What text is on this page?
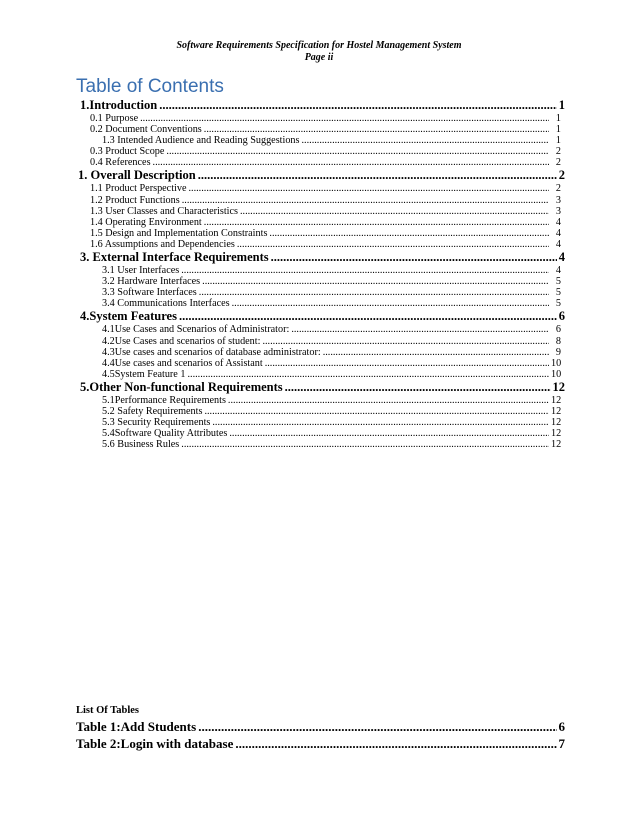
Software Requirements Specification for Hostel Management System
Page ii
Table of Contents
1.Introduction .....	1
0.1 Purpose .....	1
0.2 Document Conventions .....	1
1.3 Intended Audience and Reading Suggestions .....	1
0.3 Product Scope .....	2
0.4 References .....	2
1. Overall Description .....	2
1.1 Product Perspective .....	2
1.2 Product Functions .....	3
1.3 User Classes and Characteristics .....	3
1.4 Operating Environment .....	4
1.5 Design and Implementation Constraints .....	4
1.6 Assumptions and Dependencies .....	4
3. External Interface Requirements .....	4
3.1 User Interfaces .....	4
3.2 Hardware Interfaces .....	5
3.3 Software Interfaces .....	5
3.4 Communications Interfaces .....	5
4.System Features .....	6
4.1Use Cases and Scenarios of Administrator: .....	6
4.2Use Cases and scenarios of student: .....	8
4.3Use cases and scenarios of database administrator: .....	9
4.4Use cases and scenarios of Assistant .....	10
4.5System Feature 1 .....	10
5.Other Non-functional Requirements .....	12
5.1Performance Requirements .....	12
5.2 Safety Requirements .....	12
5.3 Security Requirements .....	12
5.4Software Quality Attributes .....	12
5.6 Business Rules .....	12
List Of Tables
Table 1:Add Students .....	6
Table 2:Login with database .....	7
